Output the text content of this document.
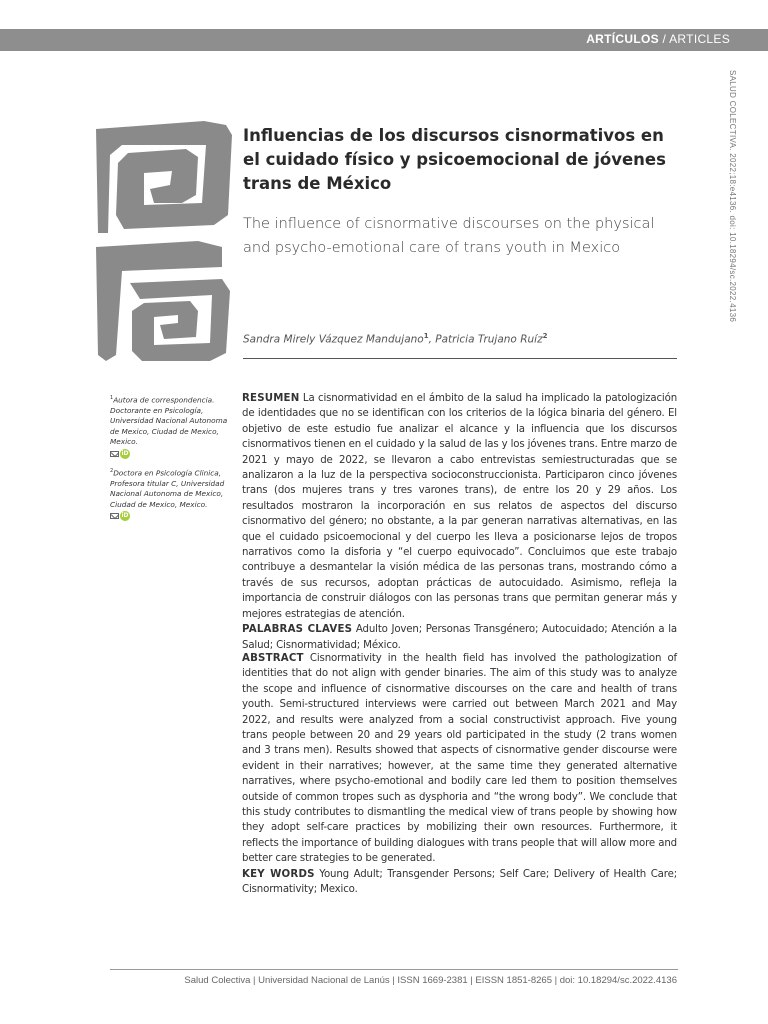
ARTÍCULOS / ARTICLES
SALUD COLECTIVA. 2022;18:e4136. doi: 10.18294/sc.2022.4136
Influencias de los discursos cisnormativos en el cuidado físico y psicoemocional de jóvenes trans de México
The influence of cisnormative discourses on the physical and psycho-emotional care of trans youth in Mexico
Sandra Mirely Vázquez Mandujano$^1$, Patricia Trujano Ruíz$^2$
$^1$Autora de correspondencia. Doctorante en Psicología, Universidad Nacional Autonoma de Mexico, Ciudad de Mexico, Mexico.
iD
$^2$Doctora en Psicología Clinica, Profesora titular C, Universidad Nacional Autonoma de Mexico, Ciudad de Mexico, Mexico.
iD

RESUMEN La cisnormatividad en el ámbito de la salud ha implicado la patologización de identidades que no se identifican con los criterios de la lógica binaria del género. El objetivo de este estudio fue analizar el alcance y la influencia que los discursos cisnormativos tienen en el cuidado y la salud de las y los jóvenes trans. Entre marzo de 2021 y mayo de 2022, se llevaron a cabo entrevistas semiestructuradas que se analizaron a la luz de la perspectiva socioconstruccionista. Participaron cinco jóvenes trans (dos mujeres trans y tres varones trans), de entre los 20 y 29 años. Los resultados mostraron la incorporación en sus relatos de aspectos del discurso cisnormativo del género; no obstante, a la par generan narrativas alternativas, en las que el cuidado psicoemocional y del cuerpo les lleva a posicionarse lejos de tropos narrativos como la disforia y “el cuerpo equivocado”. Concluimos que este trabajo contribuye a desmantelar la visión médica de las personas trans, mostrando cómo a través de sus recursos, adoptan prácticas de autocuidado. Asimismo, refleja la importancia de construir diálogos con las personas trans que permitan generar más y mejores estrategias de atención.

PALABRAS CLAVES Adulto Joven; Personas Transgénero; Autocuidado; Atención a la Salud; Cisnormatividad; México.

ABSTRACT Cisnormativity in the health field has involved the pathologization of identities that do not align with gender binaries. The aim of this study was to analyze the scope and influence of cisnormative discourses on the care and health of trans youth. Semi-structured interviews were carried out between March 2021 and May 2022, and results were analyzed from a social constructivist approach. Five young trans people between 20 and 29 years old participated in the study (2 trans women and 3 trans men). Results showed that aspects of cisnormative gender discourse were evident in their narratives; however, at the same time they generated alternative narratives, where psycho-emotional and bodily care led them to position themselves outside of common tropes such as dysphoria and “the wrong body”. We conclude that this study contributes to dismantling the medical view of trans people by showing how they adopt self-care practices by mobilizing their own resources. Furthermore, it reflects the importance of building dialogues with trans people that will allow more and better care strategies to be generated.

KEY WORDS Young Adult; Transgender Persons; Self Care; Delivery of Health Care; Cisnormativity; Mexico.

Salud Colectiva | Universidad Nacional de Lanús | ISSN 1669-2381 | EISSN 1851-8265 | doi: 10.18294/sc.2022.4136
